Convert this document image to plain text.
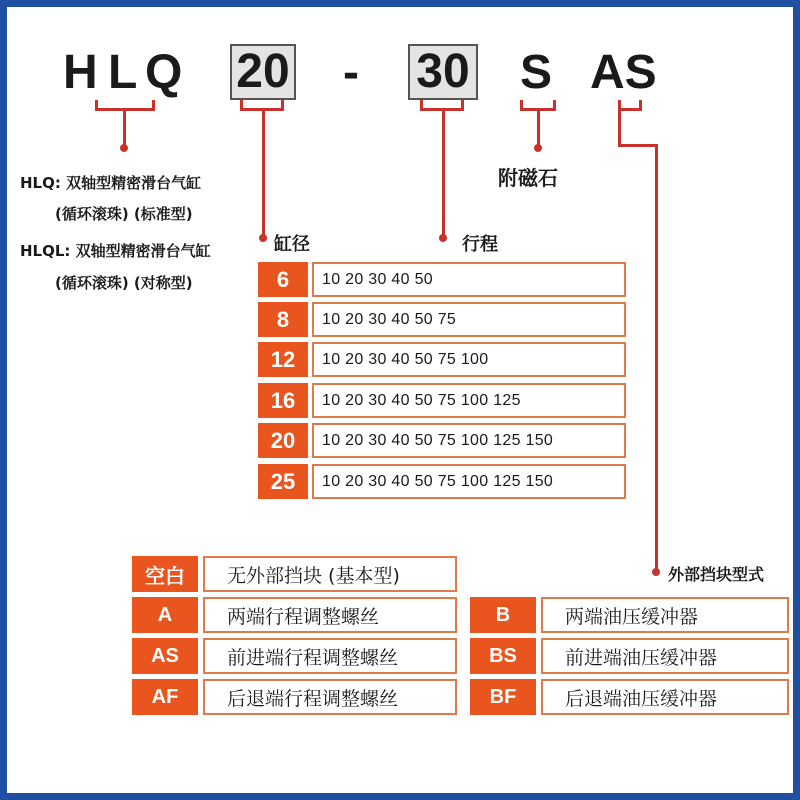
H L Q 20 - 30 S AS
HLQ: 双轴型精密滑台气缸
(循环滚珠) (标准型)
HLQL: 双轴型精密滑台气缸
(循环滚珠) (对称型)
附磁石
缸径	行程
外部挡块型式
6	10 20 30 40 50
8	10 20 30 40 50 75
12	10 20 30 40 50 75 100
16	10 20 30 40 50 75 100 125
20	10 20 30 40 50 75 100 125 150
25	10 20 30 40 50 75 100 125 150
空白	无外部挡块 (基本型)
A	两端行程调整螺丝
AS	前进端行程调整螺丝
AF	后退端行程调整螺丝
B	两端油压缓冲器
BS	前进端油压缓冲器
BF	后退端油压缓冲器
